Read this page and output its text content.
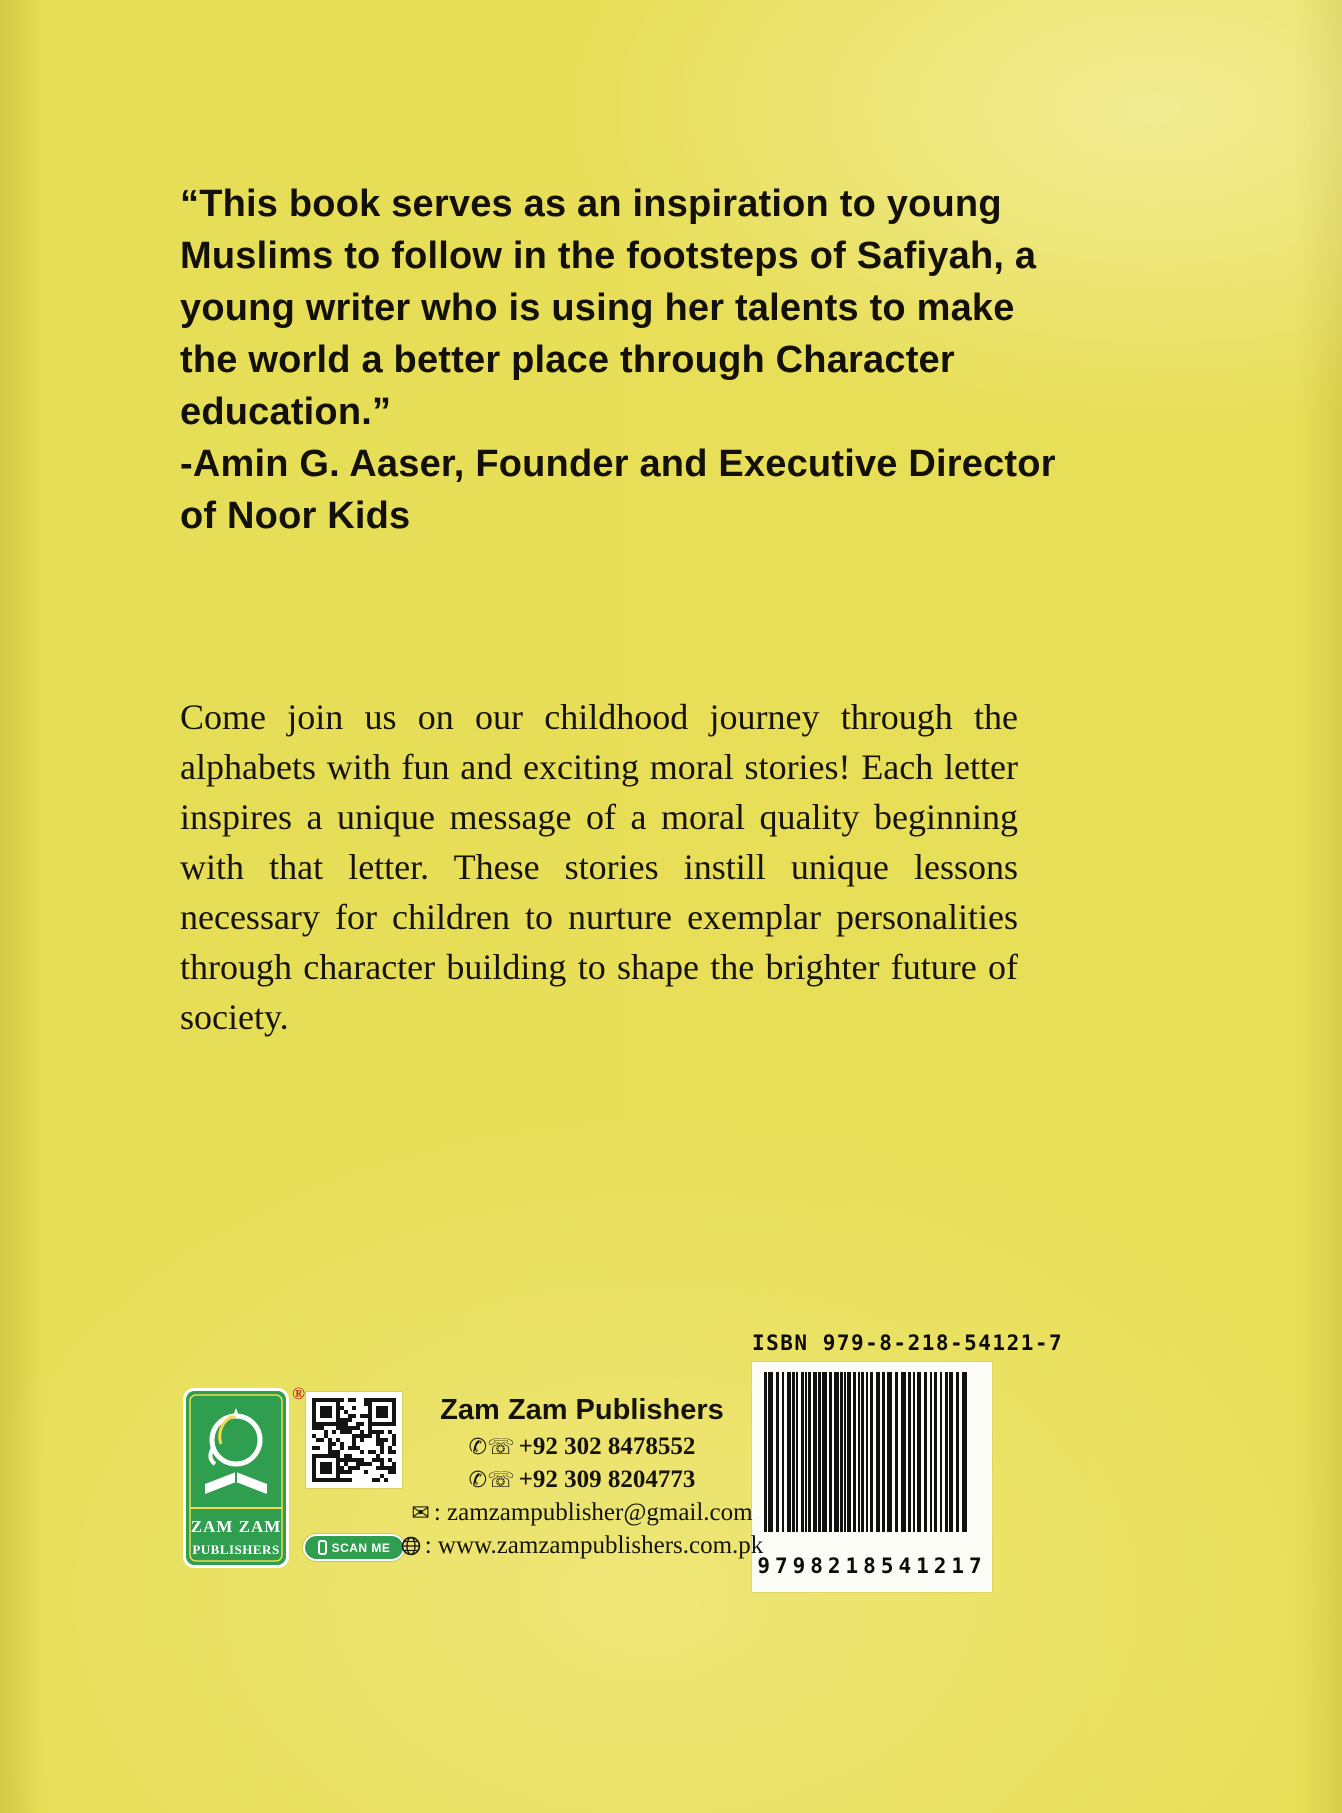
“This book serves as an inspiration to young Muslims to follow in the footsteps of Safiyah, a young writer who is using her talents to make the world a better place through Character education.”

-Amin G. Aaser, Founder and Executive Director of Noor Kids

Come join us on our childhood journey through the alphabets with fun and exciting moral stories! Each letter inspires a unique message of a moral quality beginning with that letter. These stories instill unique lessons necessary for children to nurture exemplar personalities through character building to shape the brighter future of society.

ISBN 979-8-218-54121-7
9798218541217
ZAM ZAM
PUBLISHERS
®
SCAN ME
Zam Zam Publishers
✆☏ +92 302 8478552
✆☏ +92 309 8204773
✉ : zamzampublisher@gmail.com
: www.zamzampublishers.com.pk
